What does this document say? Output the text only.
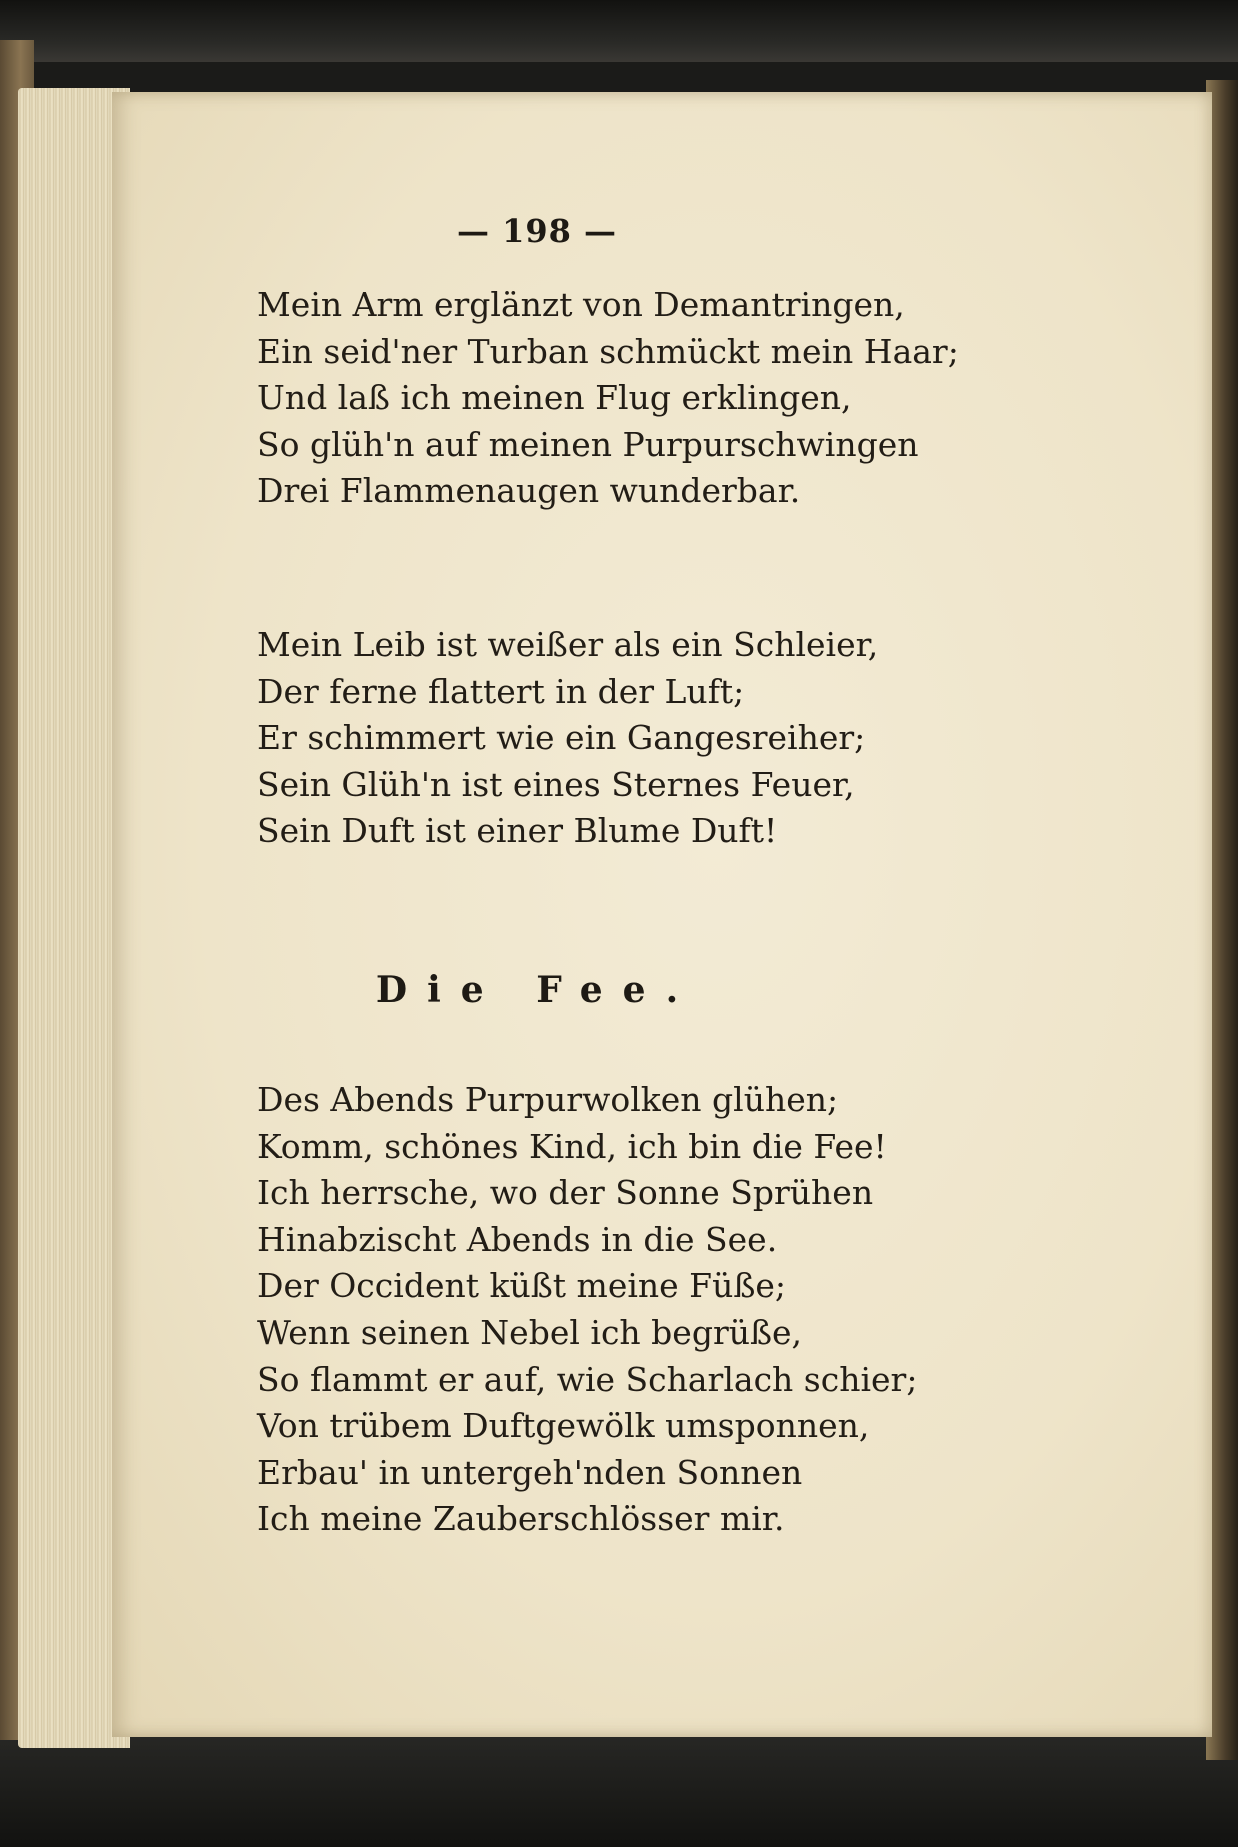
— 198 —
Mein Arm erglänzt von Demantringen,
Ein seid'ner Turban schmückt mein Haar;
Und laß ich meinen Flug erklingen,
So glüh'n auf meinen Purpurschwingen
Drei Flammenaugen wunderbar.
Mein Leib ist weißer als ein Schleier,
Der ferne flattert in der Luft;
Er schimmert wie ein Gangesreiher;
Sein Glüh'n ist eines Sternes Feuer,
Sein Duft ist einer Blume Duft!
Die Fee.
Des Abends Purpurwolken glühen;
Komm, schönes Kind, ich bin die Fee!
Ich herrsche, wo der Sonne Sprühen
Hinabzischt Abends in die See.
Der Occident küßt meine Füße;
Wenn seinen Nebel ich begrüße,
So flammt er auf, wie Scharlach schier;
Von trübem Duftgewölk umsponnen,
Erbau' in untergeh'nden Sonnen
Ich meine Zauberschlösser mir.
